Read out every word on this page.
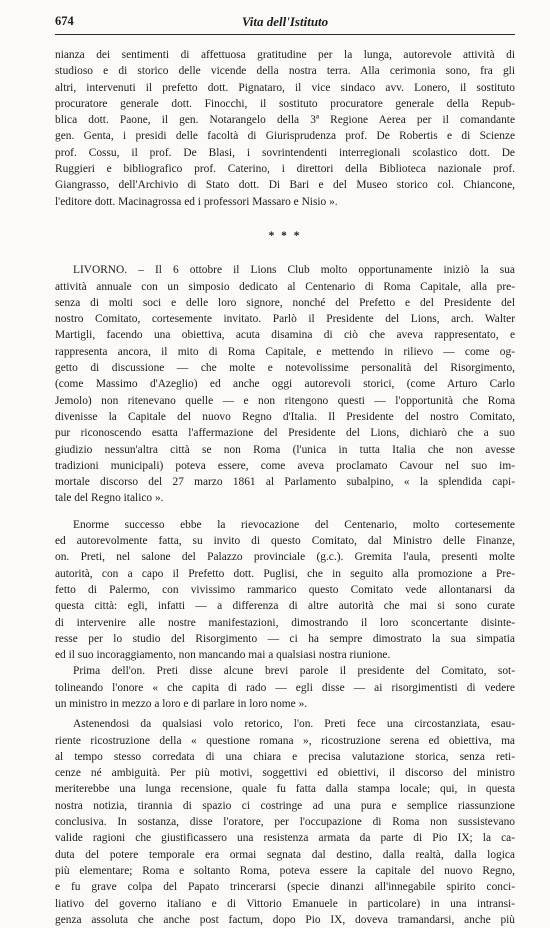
674	Vita dell'Istituto
nianza dei sentimenti di affettuosa gratitudine per la lunga, autorevole attività di
studioso e di storico delle vicende della nostra terra. Alla cerimonia sono, fra gli
altri, intervenuti il prefetto dott. Pignataro, il vice sindaco avv. Lonero, il sostituto
procuratore generale dott. Finocchi, il sostituto procuratore generale della Repub-
blica dott. Paone, il gen. Notarangelo della 3ª Regione Aerea per il comandante
gen. Genta, i presidi delle facoltà di Giurisprudenza prof. De Robertis e di Scienze
prof. Cossu, il prof. De Blasi, i sovrintendenti interregionali scolastico dott. De
Ruggieri e bibliografico prof. Caterino, i direttori della Biblioteca nazionale prof.
Giangrasso, dell'Archivio di Stato dott. Di Bari e del Museo storico col. Chiancone,
l'editore dott. Macinagrossa ed i professori Massaro e Nisio ».
* * *
LIVORNO. – Il 6 ottobre il Lions Club molto opportunamente iniziò la sua
attività annuale con un simposio dedicato al Centenario di Roma Capitale, alla pre-
senza di molti soci e delle loro signore, nonché del Prefetto e del Presidente del
nostro Comitato, cortesemente invitato. Parlò il Presidente del Lions, arch. Walter
Martigli, facendo una obiettiva, acuta disamina di ciò che aveva rappresentato, e
rappresenta ancora, il mito di Roma Capitale, e mettendo in rilievo — come og-
getto di discussione — che molte e notevolissime personalità del Risorgimento,
(come Massimo d'Azeglio) ed anche oggi autorevoli storici, (come Arturo Carlo
Jemolo) non ritenevano quelle — e non ritengono questi — l'opportunità che Roma
divenisse la Capitale del nuovo Regno d'Italia. Il Presidente del nostro Comitato,
pur riconoscendo esatta l'affermazione del Presidente del Lions, dichiarò che a suo
giudizio nessun'altra città se non Roma (l'unica in tutta Italia che non avesse
tradizioni municipali) poteva essere, come aveva proclamato Cavour nel suo im-
mortale discorso del 27 marzo 1861 al Parlamento subalpino, « la splendida capi-
tale del Regno italico ».
Enorme successo ebbe la rievocazione del Centenario, molto cortesemente
ed autorevolmente fatta, su invito di questo Comitato, dal Ministro delle Finanze,
on. Preti, nel salone del Palazzo provinciale (g.c.). Gremita l'aula, presenti molte
autorità, con a capo il Prefetto dott. Puglisi, che in seguito alla promozione a Pre-
fetto di Palermo, con vivissimo rammarico questo Comitato vede allontanarsi da
questa città: egli, infatti — a differenza di altre autorità che mai si sono curate
di intervenire alle nostre manifestazioni, dimostrando il loro sconcertante disinte-
resse per lo studio del Risorgimento — ci ha sempre dimostrato la sua simpatia
ed il suo incoraggiamento, non mancando mai a qualsiasi nostra riunione.
Prima dell'on. Preti disse alcune brevi parole il presidente del Comitato, sot-
tolineando l'onore « che capita di rado — egli disse — ai risorgimentisti di vedere
un ministro in mezzo a loro e di parlare in loro nome ».
Astenendosi da qualsiasi volo retorico, l'on. Preti fece una circostanziata, esau-
riente ricostruzione della « questione romana », ricostruzione serena ed obiettiva, ma
al tempo stesso corredata di una chiara e precisa valutazione storica, senza reti-
cenze né ambiguità. Per più motivi, soggettivi ed obiettivi, il discorso del ministro
meriterebbe una lunga recensione, quale fu fatta dalla stampa locale; qui, in questa
nostra notizia, tirannia di spazio ci costringe ad una pura e semplice riassunzione
conclusiva. In sostanza, disse l'oratore, per l'occupazione di Roma non sussistevano
valide ragioni che giustificassero una resistenza armata da parte di Pio IX; la ca-
duta del potere temporale era ormai segnata dal destino, dalla realtà, dalla logica
più elementare; Roma e soltanto Roma, poteva essere la capitale del nuovo Regno,
e fu grave colpa del Papato trincerarsi (specie dinanzi all'innegabile spirito conci-
liativo del governo italiano e di Vittorio Emanuele in particolare) in una intransi-
genza assoluta che anche post factum, dopo Pio IX, doveva tramandarsi, anche più
